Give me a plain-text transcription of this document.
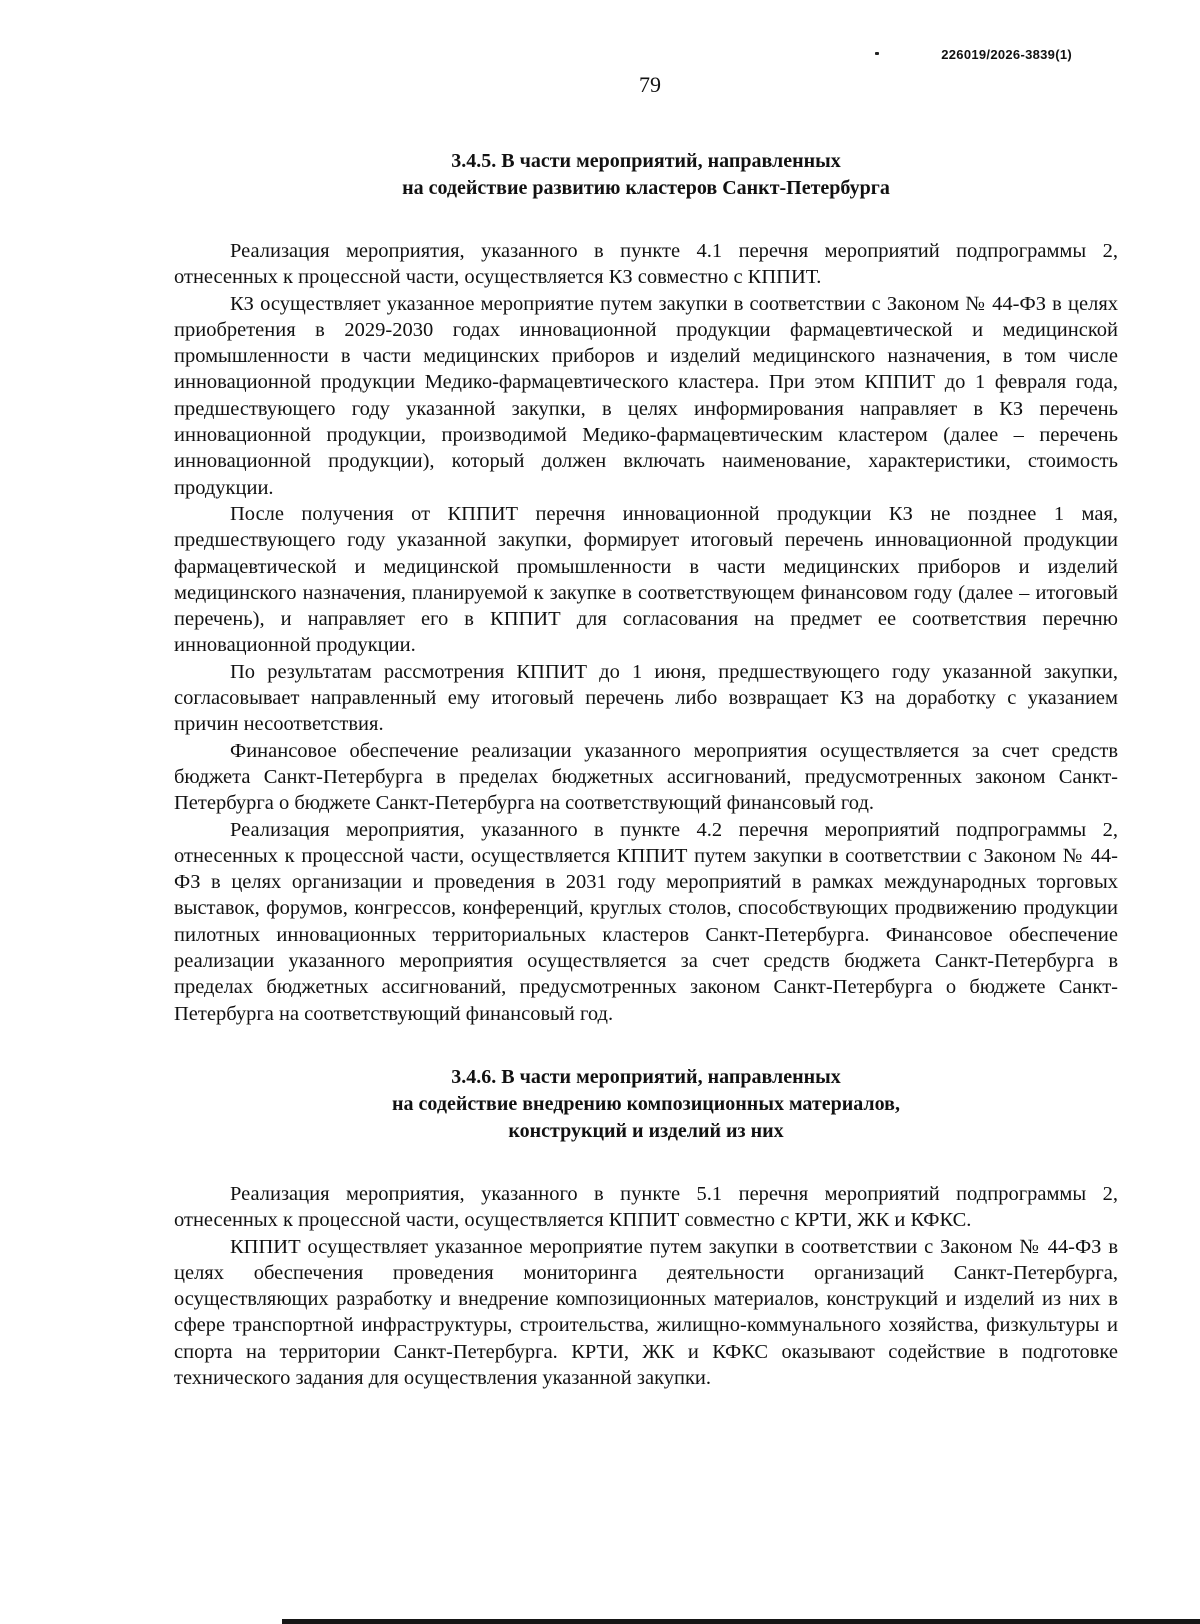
226019/2026-3839(1)
79
3.4.5. В части мероприятий, направленных
на содействие развитию кластеров Санкт-Петербурга

Реализация мероприятия, указанного в пункте 4.1 перечня мероприятий подпрограммы 2, отнесенных к процессной части, осуществляется КЗ совместно с КППИТ.

КЗ осуществляет указанное мероприятие путем закупки в соответствии с Законом № 44-ФЗ в целях приобретения в 2029-2030 годах инновационной продукции фармацевтической и медицинской промышленности в части медицинских приборов и изделий медицинского назначения, в том числе инновационной продукции Медико-фармацевтического кластера. При этом КППИТ до 1 февраля года, предшествующего году указанной закупки, в целях информирования направляет в КЗ перечень инновационной продукции, производимой Медико-фармацевтическим кластером (далее – перечень инновационной продукции), который должен включать наименование, характеристики, стоимость продукции.

После получения от КППИТ перечня инновационной продукции КЗ не позднее 1 мая, предшествующего году указанной закупки, формирует итоговый перечень инновационной продукции фармацевтической и медицинской промышленности в части медицинских приборов и изделий медицинского назначения, планируемой к закупке в соответствующем финансовом году (далее – итоговый перечень), и направляет его в КППИТ для согласования на предмет ее соответствия перечню инновационной продукции.

По результатам рассмотрения КППИТ до 1 июня, предшествующего году указанной закупки, согласовывает направленный ему итоговый перечень либо возвращает КЗ на доработку с указанием причин несоответствия.

Финансовое обеспечение реализации указанного мероприятия осуществляется за счет средств бюджета Санкт-Петербурга в пределах бюджетных ассигнований, предусмотренных законом Санкт-Петербурга о бюджете Санкт-Петербурга на соответствующий финансовый год.

Реализация мероприятия, указанного в пункте 4.2 перечня мероприятий подпрограммы 2, отнесенных к процессной части, осуществляется КППИТ путем закупки в соответствии с Законом № 44-ФЗ в целях организации и проведения в 2031 году мероприятий в рамках международных торговых выставок, форумов, конгрессов, конференций, круглых столов, способствующих продвижению продукции пилотных инновационных территориальных кластеров Санкт-Петербурга. Финансовое обеспечение реализации указанного мероприятия осуществляется за счет средств бюджета Санкт-Петербурга в пределах бюджетных ассигнований, предусмотренных законом Санкт-Петербурга о бюджете Санкт-Петербурга на соответствующий финансовый год.

3.4.6. В части мероприятий, направленных
на содействие внедрению композиционных материалов,
конструкций и изделий из них

Реализация мероприятия, указанного в пункте 5.1 перечня мероприятий подпрограммы 2, отнесенных к процессной части, осуществляется КППИТ совместно с КРТИ, ЖК и КФКС.

КППИТ осуществляет указанное мероприятие путем закупки в соответствии с Законом № 44-ФЗ в целях обеспечения проведения мониторинга деятельности организаций Санкт-Петербурга, осуществляющих разработку и внедрение композиционных материалов, конструкций и изделий из них в сфере транспортной инфраструктуры, строительства, жилищно-коммунального хозяйства, физкультуры и спорта на территории Санкт-Петербурга. КРТИ, ЖК и КФКС оказывают содействие в подготовке технического задания для осуществления указанной закупки.
